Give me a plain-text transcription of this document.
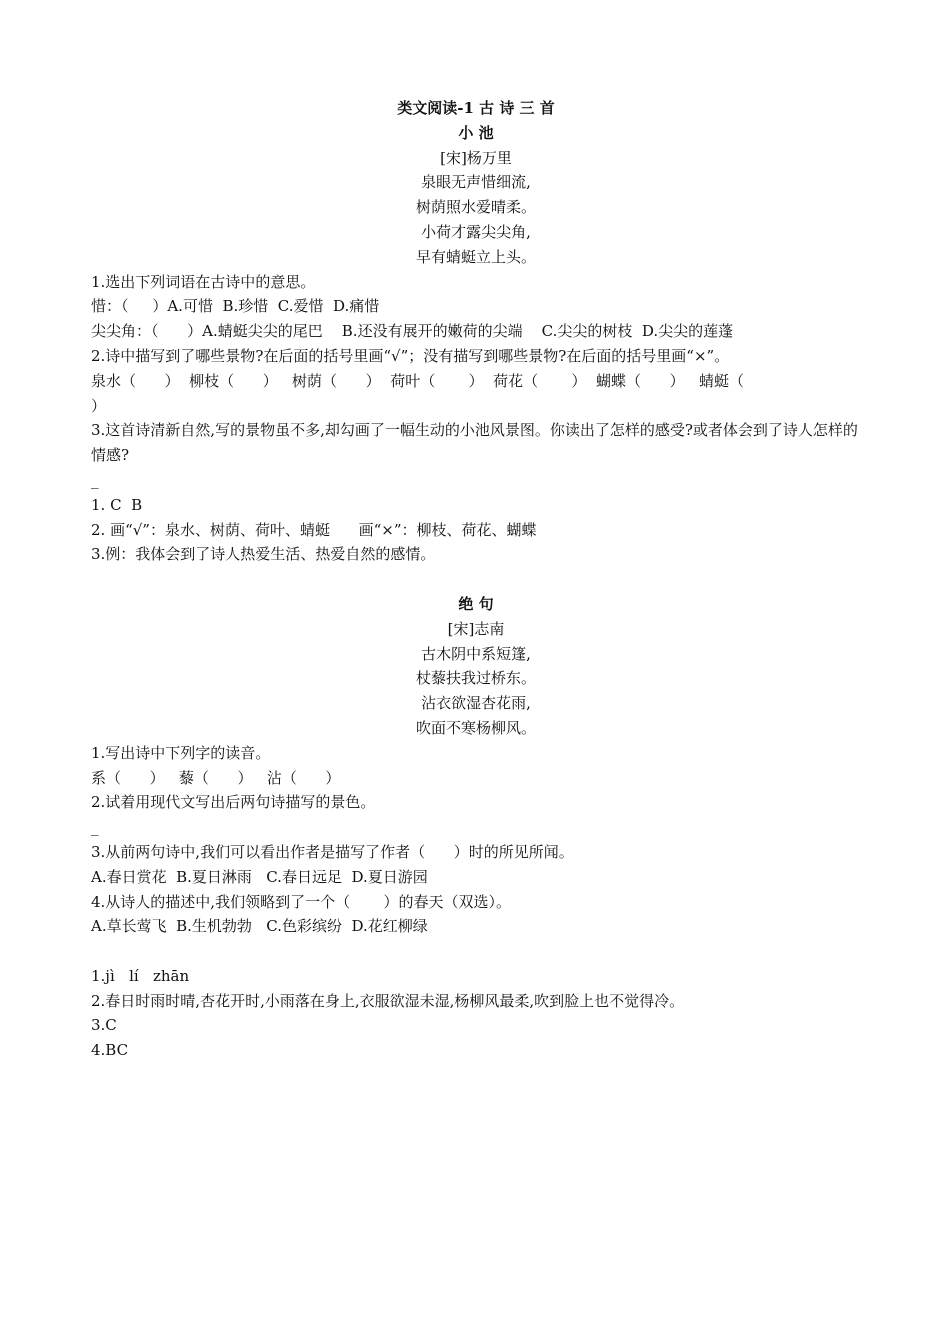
类文阅读-1 古 诗 三 首

小 池

[宋]杨万里

泉眼无声惜细流,

树荫照水爱晴柔。

小荷才露尖尖角,

早有蜻蜓立上头。

1.选出下列词语在古诗中的意思。

惜：（     ）A.可惜  B.珍惜  C.爱惜  D.痛惜

尖尖角：（      ）A.蜻蜓尖尖的尾巴    B.还没有展开的嫩荷的尖端    C.尖尖的树枝  D.尖尖的莲蓬

2.诗中描写到了哪些景物?在后面的括号里画“√”；没有描写到哪些景物?在后面的括号里画“×”。

泉水（      ）  柳枝（      ）   树荫（      ）  荷叶（       ）  荷花（       ）  蝴蝶（      ）   蜻蜓（

）

3.这首诗清新自然,写的景物虽不多,却勾画了一幅生动的小池风景图。你读出了怎样的感受?或者体会到了诗人怎样的情感?

_

1. C  B

2. 画“√”：泉水、树荫、荷叶、蜻蜓      画“×”：柳枝、荷花、蝴蝶

3.例：我体会到了诗人热爱生活、热爱自然的感情。

绝 句

[宋]志南

古木阴中系短篷,

杖藜扶我过桥东。

沾衣欲湿杏花雨,

吹面不寒杨柳风。

1.写出诗中下列字的读音。

系（      ）   藜（      ）   沾（      ）

2.试着用现代文写出后两句诗描写的景色。

_

3.从前两句诗中,我们可以看出作者是描写了作者（      ）时的所见所闻。

A.春日赏花  B.夏日淋雨   C.春日远足  D.夏日游园

4.从诗人的描述中,我们领略到了一个（       ）的春天（双选）。

A.草长莺飞  B.生机勃勃   C.色彩缤纷  D.花红柳绿

1.jì   lí   zhān

2.春日时雨时晴,杏花开时,小雨落在身上,衣服欲湿未湿,杨柳风最柔,吹到脸上也不觉得冷。

3.C

4.BC
